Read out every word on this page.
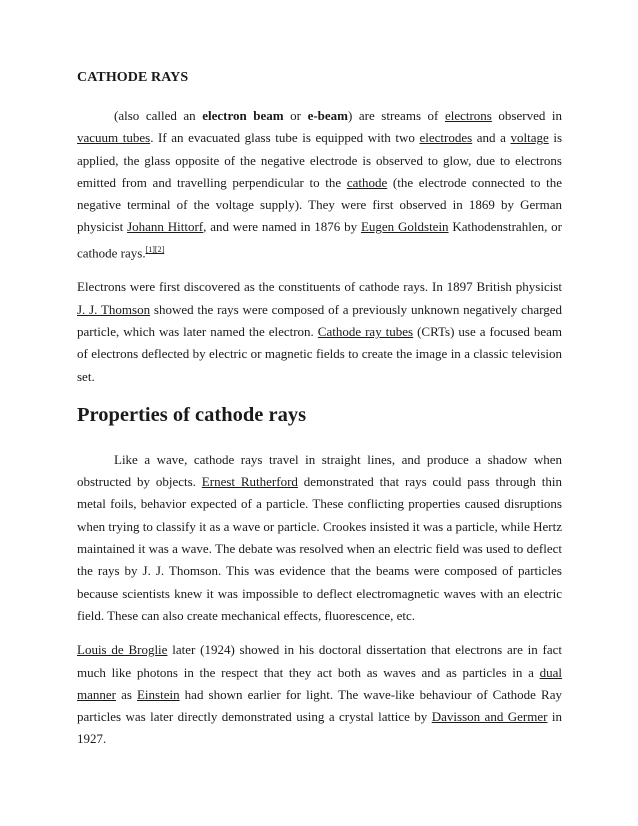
CATHODE RAYS

(also called an electron beam or e-beam) are streams of electrons observed in vacuum tubes. If an evacuated glass tube is equipped with two electrodes and a voltage is applied, the glass opposite of the negative electrode is observed to glow, due to electrons emitted from and travelling perpendicular to the cathode (the electrode connected to the negative terminal of the voltage supply). They were first observed in 1869 by German physicist Johann Hittorf, and were named in 1876 by Eugen Goldstein Kathodenstrahlen, or cathode rays.[1][2]

Electrons were first discovered as the constituents of cathode rays. In 1897 British physicist J. J. Thomson showed the rays were composed of a previously unknown negatively charged particle, which was later named the electron. Cathode ray tubes (CRTs) use a focused beam of electrons deflected by electric or magnetic fields to create the image in a classic television set.

Properties of cathode rays

Like a wave, cathode rays travel in straight lines, and produce a shadow when obstructed by objects. Ernest Rutherford demonstrated that rays could pass through thin metal foils, behavior expected of a particle. These conflicting properties caused disruptions when trying to classify it as a wave or particle. Crookes insisted it was a particle, while Hertz maintained it was a wave. The debate was resolved when an electric field was used to deflect the rays by J. J. Thomson. This was evidence that the beams were composed of particles because scientists knew it was impossible to deflect electromagnetic waves with an electric field. These can also create mechanical effects, fluorescence, etc.

Louis de Broglie later (1924) showed in his doctoral dissertation that electrons are in fact much like photons in the respect that they act both as waves and as particles in a dual manner as Einstein had shown earlier for light. The wave-like behaviour of Cathode Ray particles was later directly demonstrated using a crystal lattice by Davisson and Germer in 1927.
